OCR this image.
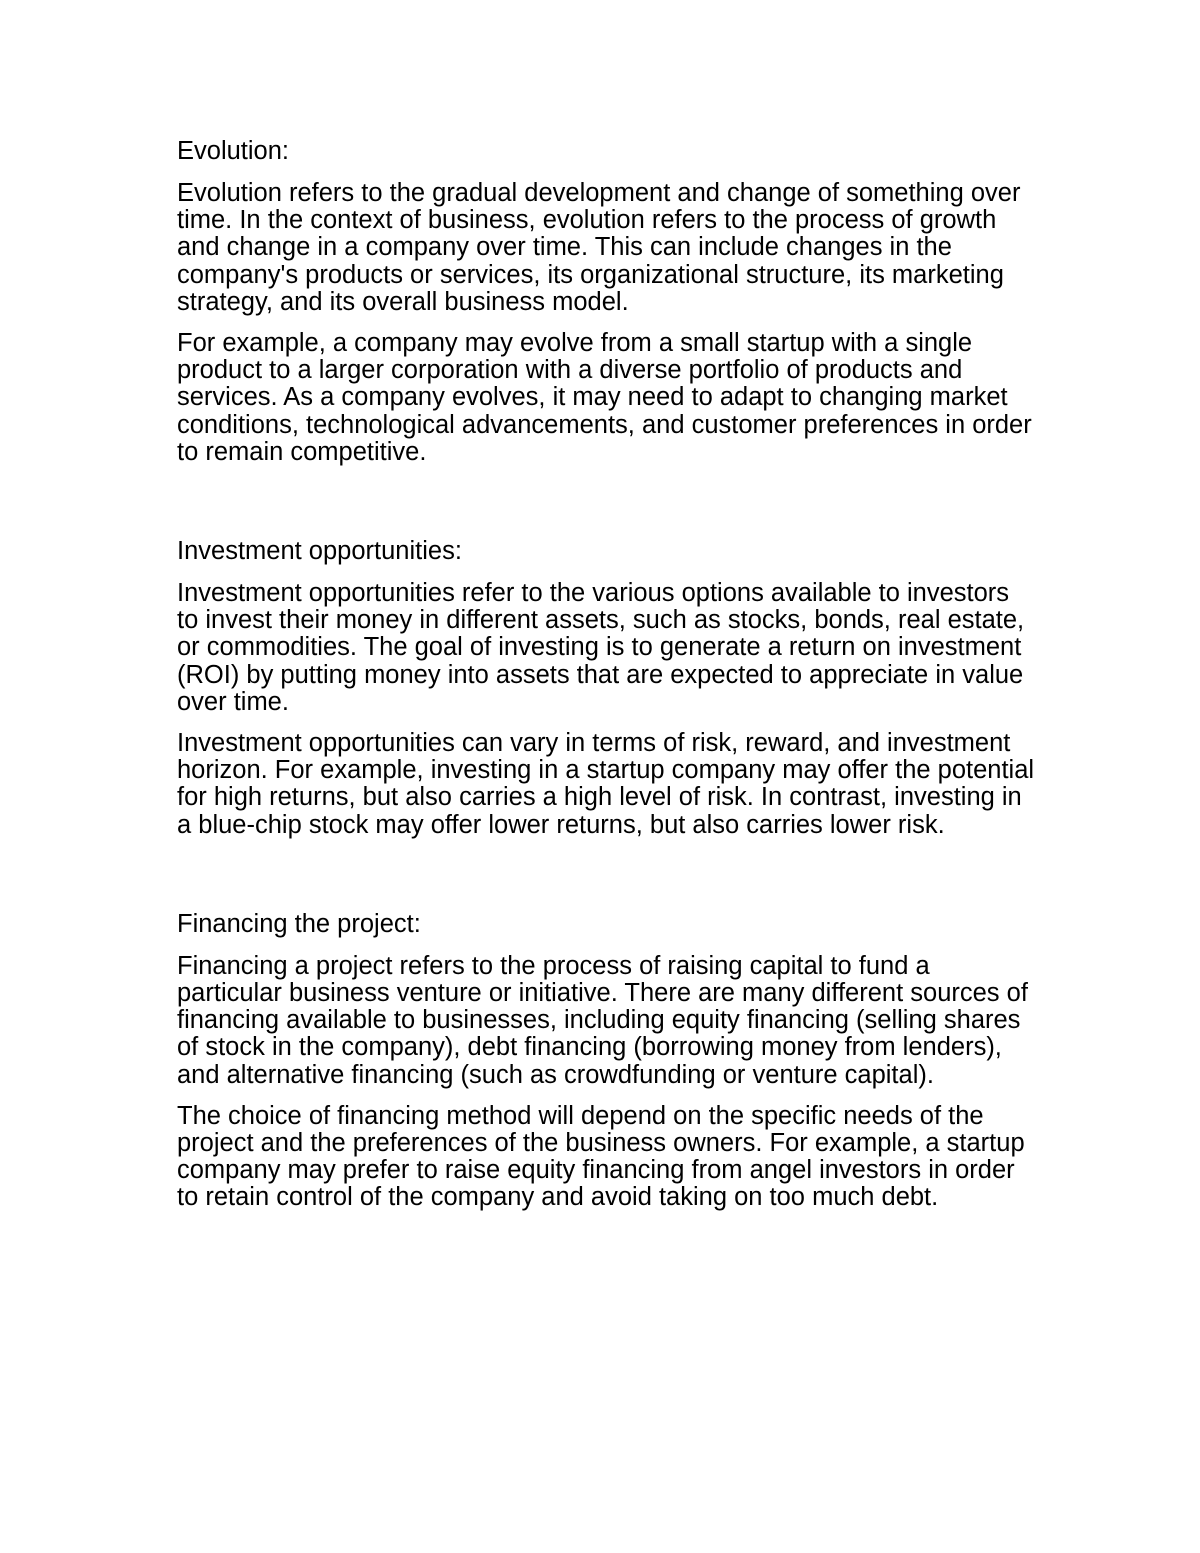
Evolution:

Evolution refers to the gradual development and change of something over time. In the context of business, evolution refers to the process of growth and change in a company over time. This can include changes in the company's products or services, its organizational structure, its marketing strategy, and its overall business model.

For example, a company may evolve from a small startup with a single product to a larger corporation with a diverse portfolio of products and services. As a company evolves, it may need to adapt to changing market conditions, technological advancements, and customer preferences in order to remain competitive.

Investment opportunities:

Investment opportunities refer to the various options available to investors to invest their money in different assets, such as stocks, bonds, real estate, or commodities. The goal of investing is to generate a return on investment (ROI) by putting money into assets that are expected to appreciate in value over time.

Investment opportunities can vary in terms of risk, reward, and investment horizon. For example, investing in a startup company may offer the potential for high returns, but also carries a high level of risk. In contrast, investing in a blue-chip stock may offer lower returns, but also carries lower risk.

Financing the project:

Financing a project refers to the process of raising capital to fund a particular business venture or initiative. There are many different sources of financing available to businesses, including equity financing (selling shares of stock in the company), debt financing (borrowing money from lenders), and alternative financing (such as crowdfunding or venture capital).

The choice of financing method will depend on the specific needs of the project and the preferences of the business owners. For example, a startup company may prefer to raise equity financing from angel investors in order to retain control of the company and avoid taking on too much debt.
